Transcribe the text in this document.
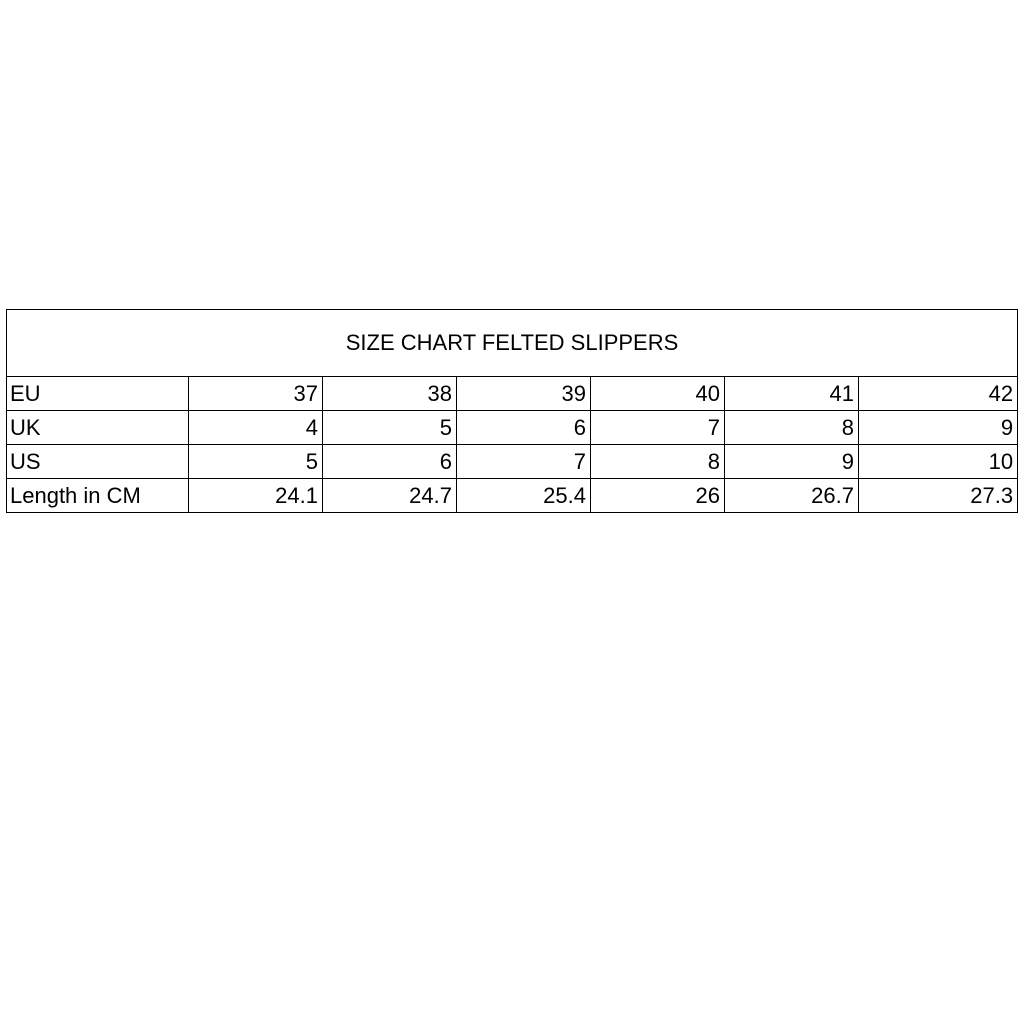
SIZE CHART FELTED SLIPPERS						
EU	37	38	39	40	41	42
UK	4	5	6	7	8	9
US	5	6	7	8	9	10
Length in CM	24.1	24.7	25.4	26	26.7	27.3
